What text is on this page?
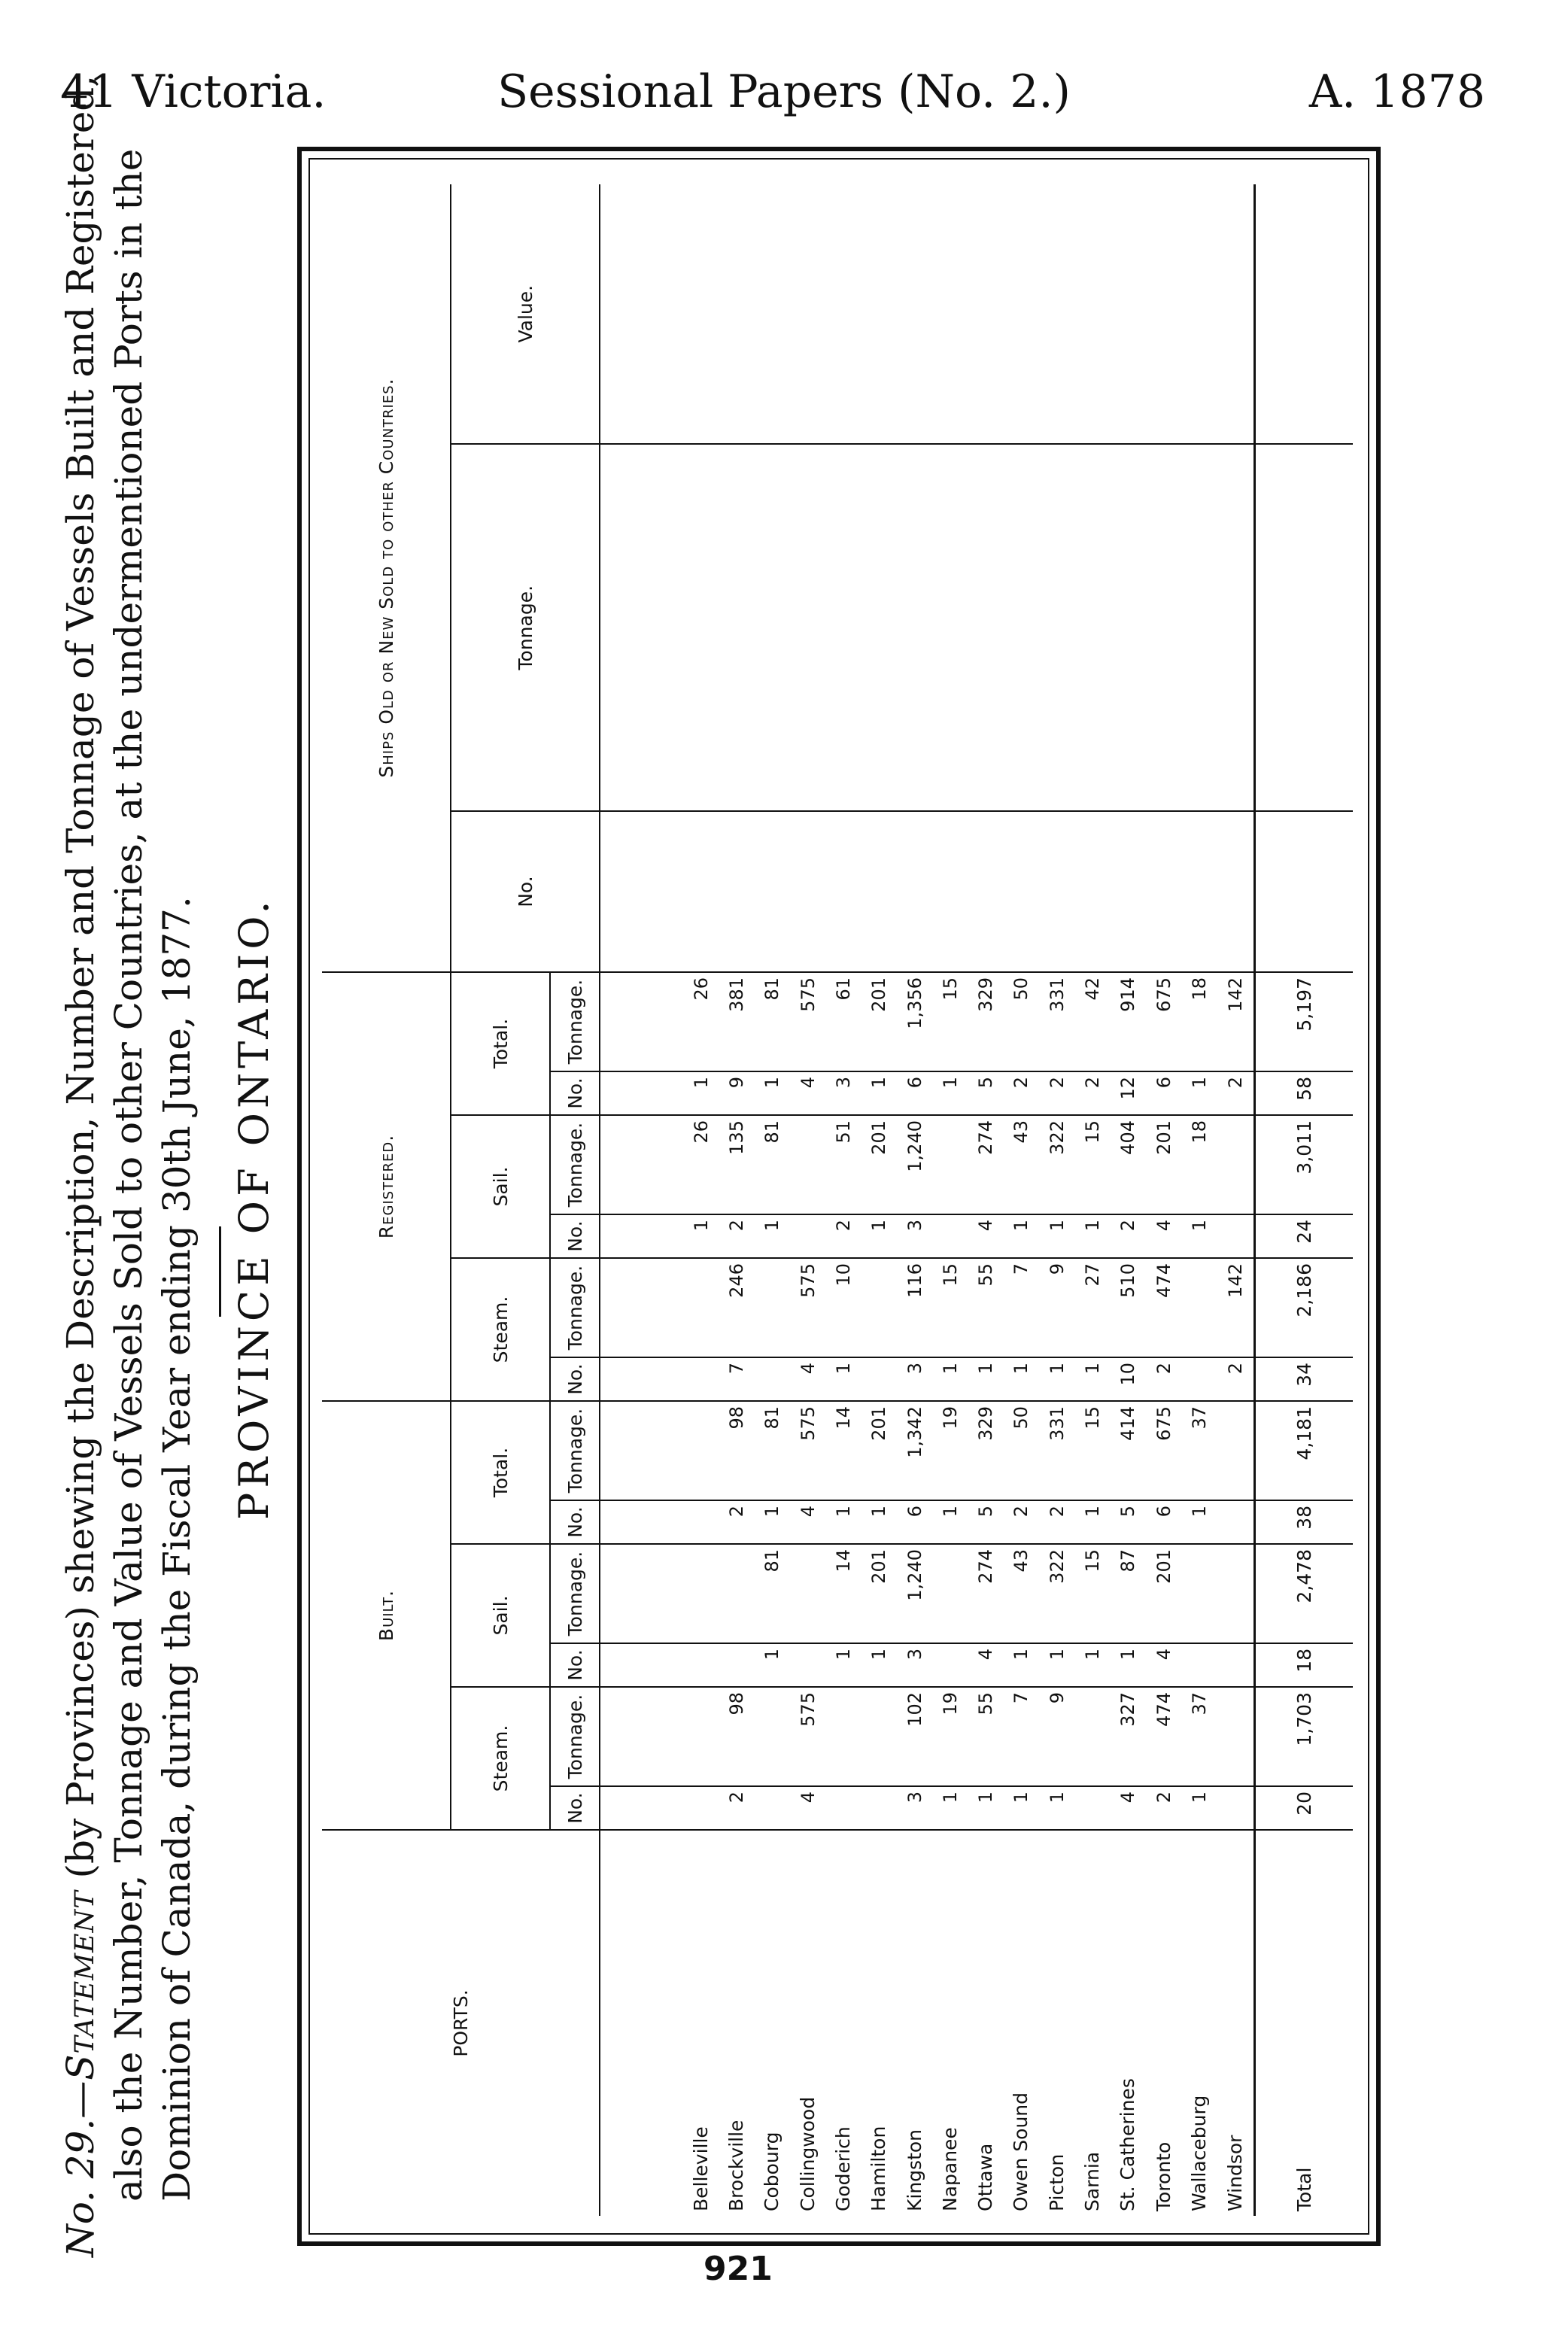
41 Victoria.	Sessional Papers (No. 2.)	A. 1878

No. 29.—Statement (by Provinces) shewing the Description, Number and Tonnage of Vessels Built and Registered, also the Number, Tonnage and Value of Vessels Sold to other Countries, at the undermentioned Ports in the Dominion of Canada, during the Fiscal Year ending 30th June, 1877. PROVINCE OF ONTARIO.
PORTS.	Built.						Registered.						Ships Old or New Sold to other Countries.		
	Steam.		Sail.		Total.		Steam.		Sail.		Total.		No.	Tonnage.	Value.
	No.	Tonnage.	No.	Tonnage.	No.	Tonnage.	No.	Tonnage.	No.	Tonnage.	No.	Tonnage.			

Belleville									1	26	1	26			
Brockville	2	98			2	98	7	246	2	135	9	381			
Cobourg			1	81	1	81			1	81	1	81			
Collingwood	4	575			4	575	4	575			4	575			
Goderich			1	14	1	14	1	10	2	51	3	61			
Hamilton			1	201	1	201			1	201	1	201			
Kingston	3	102	3	1,240	6	1,342	3	116	3	1,240	6	1,356			
Napanee	1	19			1	19	1	15			1	15			
Ottawa	1	55	4	274	5	329	1	55	4	274	5	329			
Owen Sound	1	7	1	43	2	50	1	7	1	43	2	50			
Picton	1	9	1	322	2	331	1	9	1	322	2	331			
Sarnia			1	15	1	15	1	27	1	15	2	42			
St. Catherines	4	327	1	87	5	414	10	510	2	404	12	914			
Toronto	2	474	4	201	6	675	2	474	4	201	6	675			
Wallaceburg	1	37			1	37			1	18	1	18			
Windsor							2	142			2	142			
Total	20	1,703	18	2,478	38	4,181	34	2,186	24	3,011	58	5,197			
921
